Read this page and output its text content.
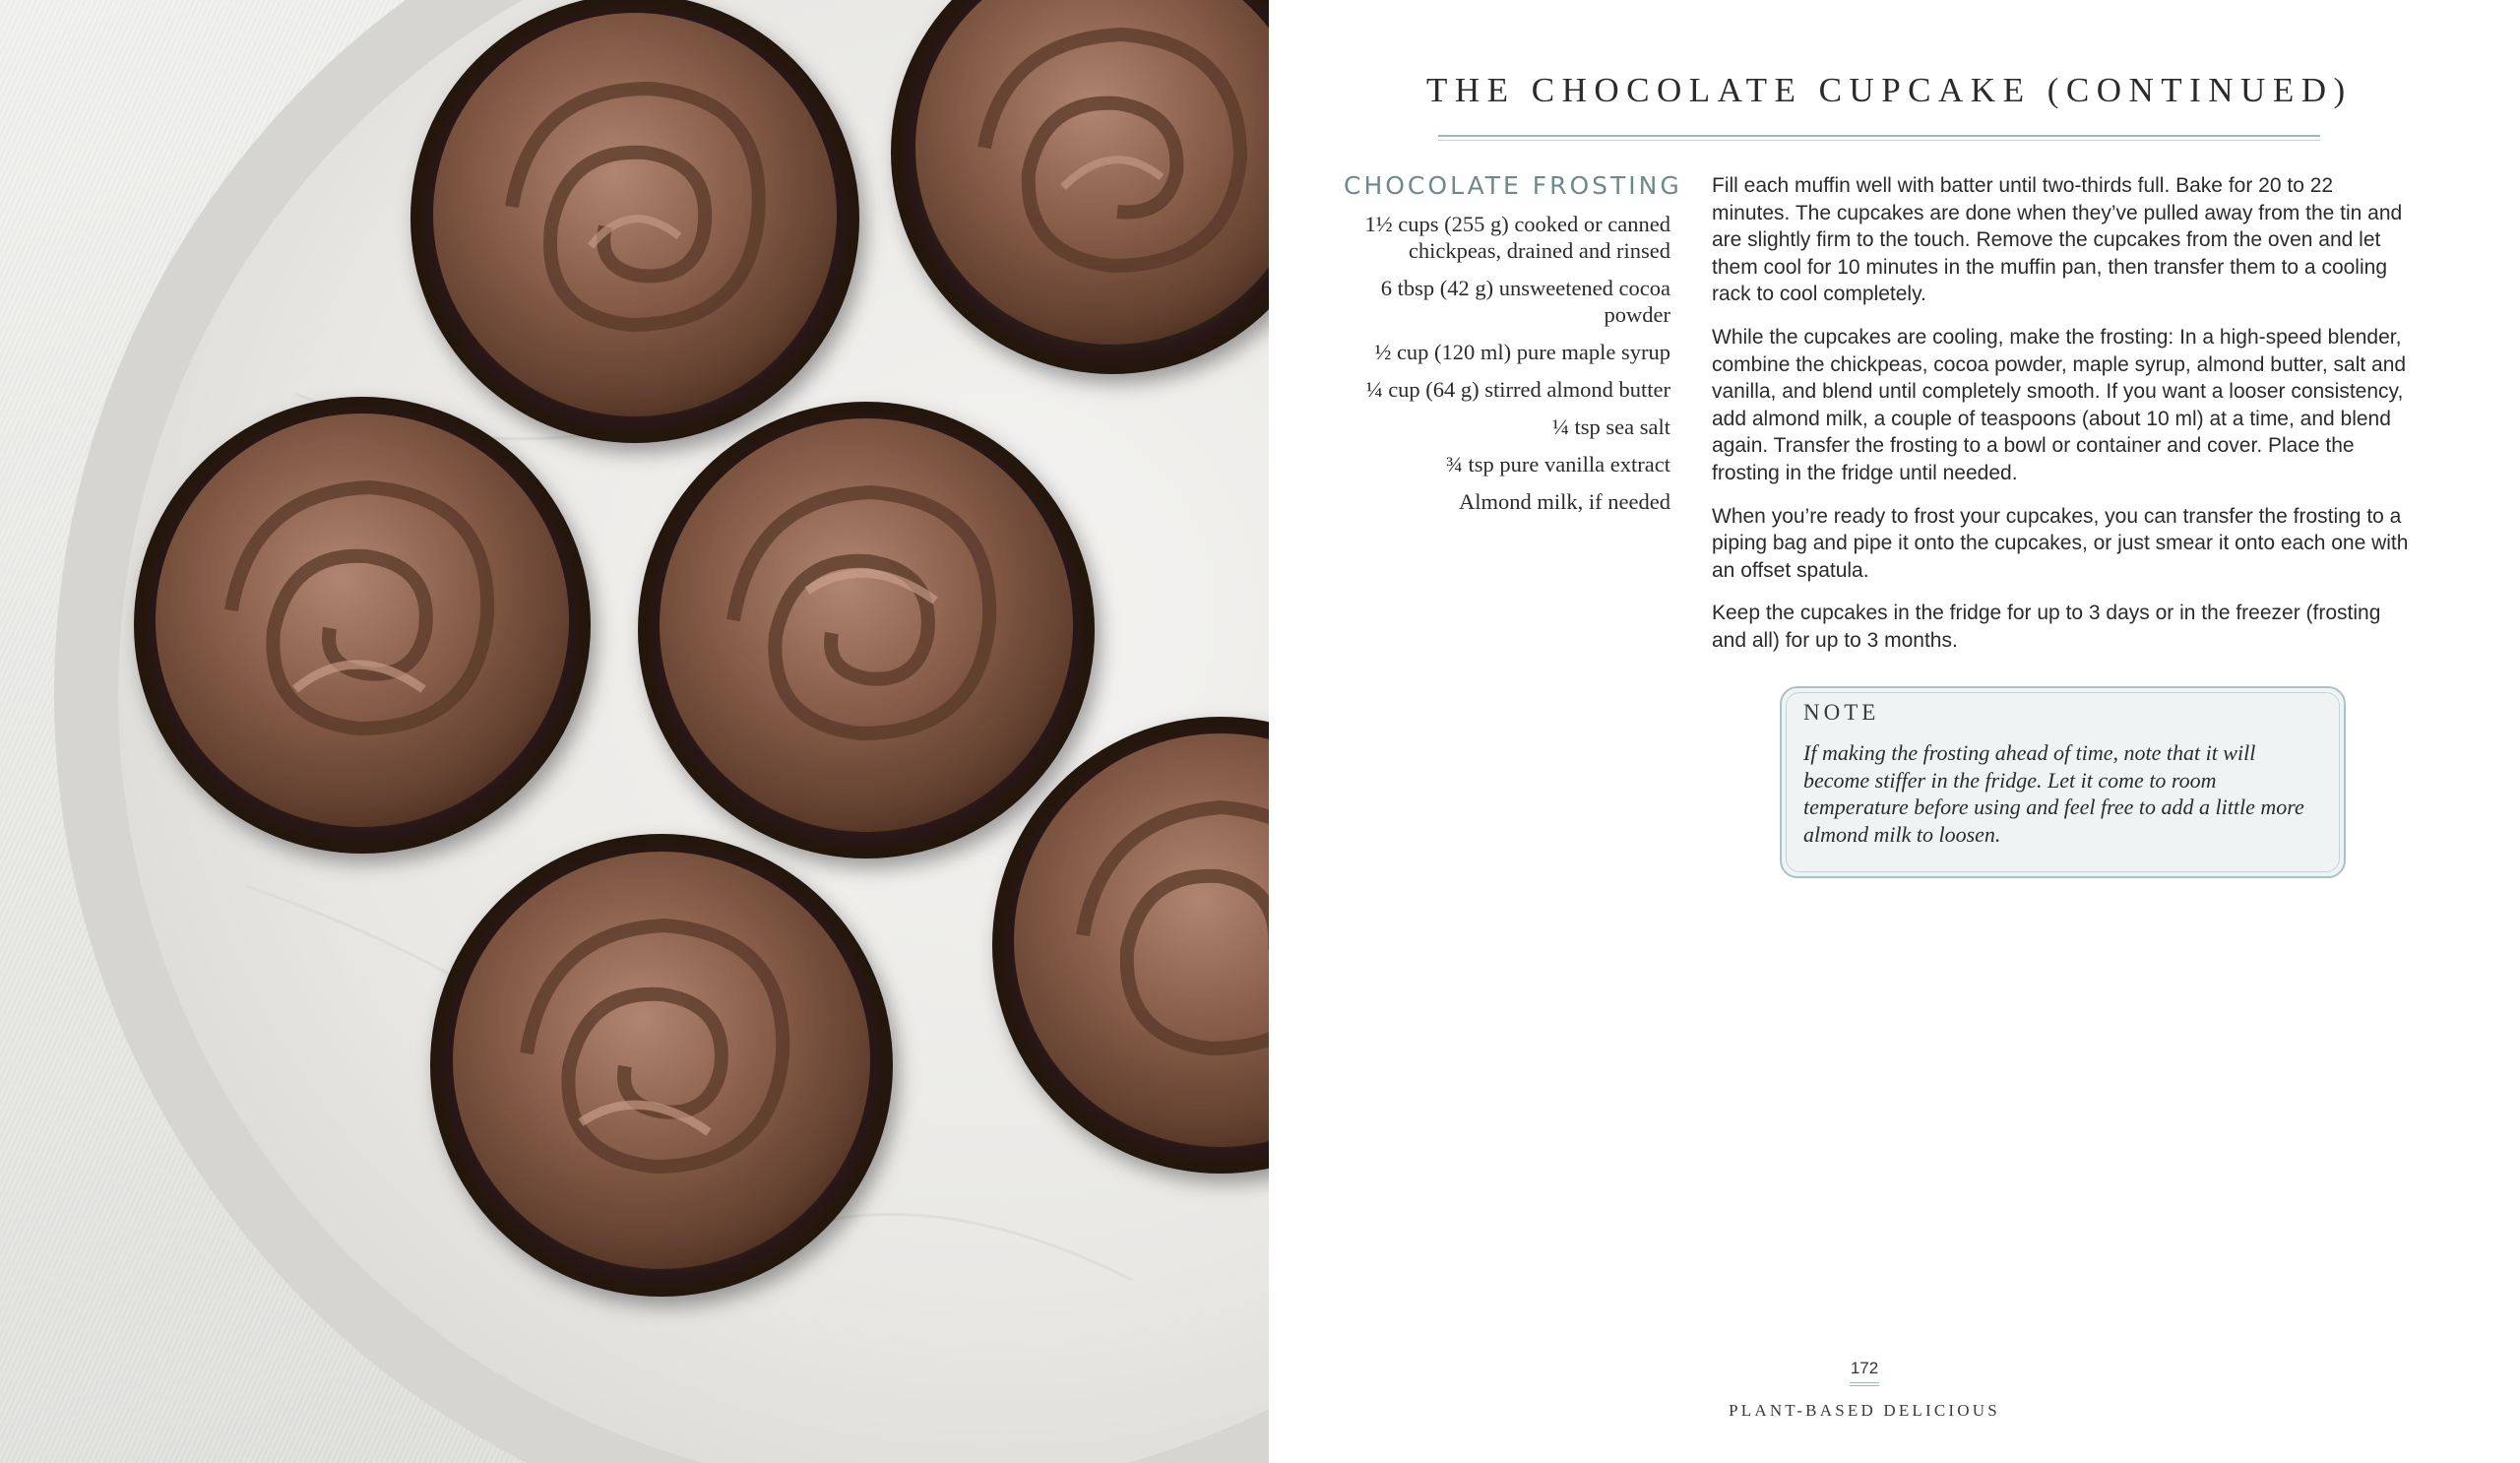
THE CHOCOLATE CUPCAKE (CONTINUED)
CHOCOLATE FROSTING
1½ cups (255 g) cooked or canned chickpeas, drained and rinsed
6 tbsp (42 g) unsweetened cocoa powder
½ cup (120 ml) pure maple syrup
¼ cup (64 g) stirred almond butter
¼ tsp sea salt
¾ tsp pure vanilla extract
Almond milk, if needed

Fill each muffin well with batter until two-thirds full. Bake for 20 to 22 minutes. The cupcakes are done when they’ve pulled away from the tin and are slightly firm to the touch. Remove the cupcakes from the oven and let them cool for 10 minutes in the muffin pan, then transfer them to a cooling rack to cool completely.

While the cupcakes are cooling, make the frosting: In a high-speed blender, combine the chickpeas, cocoa powder, maple syrup, almond butter, salt and vanilla, and blend until completely smooth. If you want a looser consistency, add almond milk, a couple of teaspoons (about 10 ml) at a time, and blend again. Transfer the frosting to a bowl or container and cover. Place the frosting in the fridge until needed.

When you’re ready to frost your cupcakes, you can transfer the frosting to a piping bag and pipe it onto the cupcakes, or just smear it onto each one with an offset spatula.

Keep the cupcakes in the fridge for up to 3 days or in the freezer (frosting and all) for up to 3 months.

NOTE
If making the frosting ahead of time, note that it will become stiffer in the fridge. Let it come to room temperature before using and feel free to add a little more almond milk to loosen.
172
PLANT-BASED DELICIOUS
